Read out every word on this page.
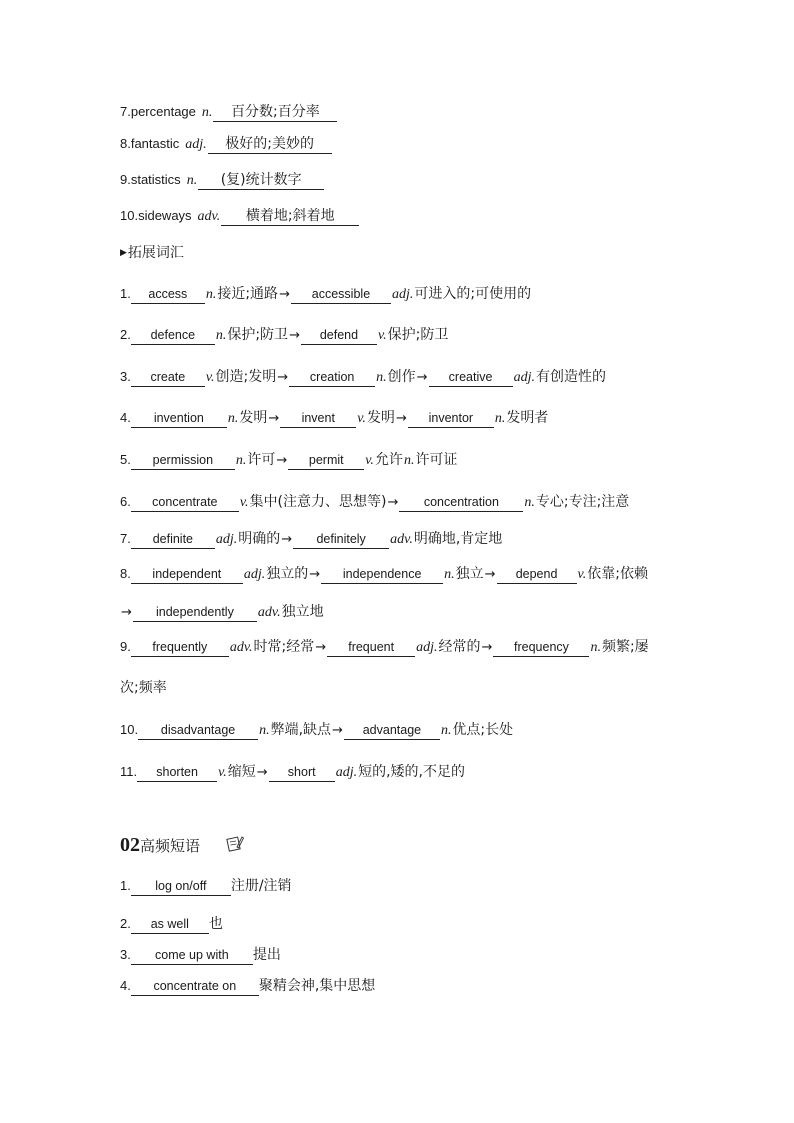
7.percentage n. 百分数;百分率
8.fantastic adj. 极好的;美妙的
9.statistics n. (复)统计数字
10.sideways adv. 横着地;斜着地
▶拓展词汇
1. access n.接近;通路→ accessible adj.可进入的;可使用的
2. defence n.保护;防卫→ defend v.保护;防卫
3. create v.创造;发明→ creation n.创作→ creative adj.有创造性的
4. invention n.发明→ invent v.发明→ inventor n.发明者
5. permission n.许可→ permit v.允许n.许可证
6. concentrate v.集中(注意力、思想等)→ concentration n.专心;专注;注意
7. definite adj.明确的→ definitely adv.明确地,肯定地
8. independent adj.独立的→ independence n.独立→ depend v.依靠;依赖
→ independently adv.独立地
9. frequently adv.时常;经常→ frequent adj.经常的→ frequency n.频繁;屡
次;频率
10. disadvantage n.弊端,缺点→ advantage n.优点;长处
11. shorten v.缩短→ short adj.短的,矮的,不足的
02高频短语
1. log on/off 注册/注销
2. as well 也
3. come up with 提出
4. concentrate on 聚精会神,集中思想
